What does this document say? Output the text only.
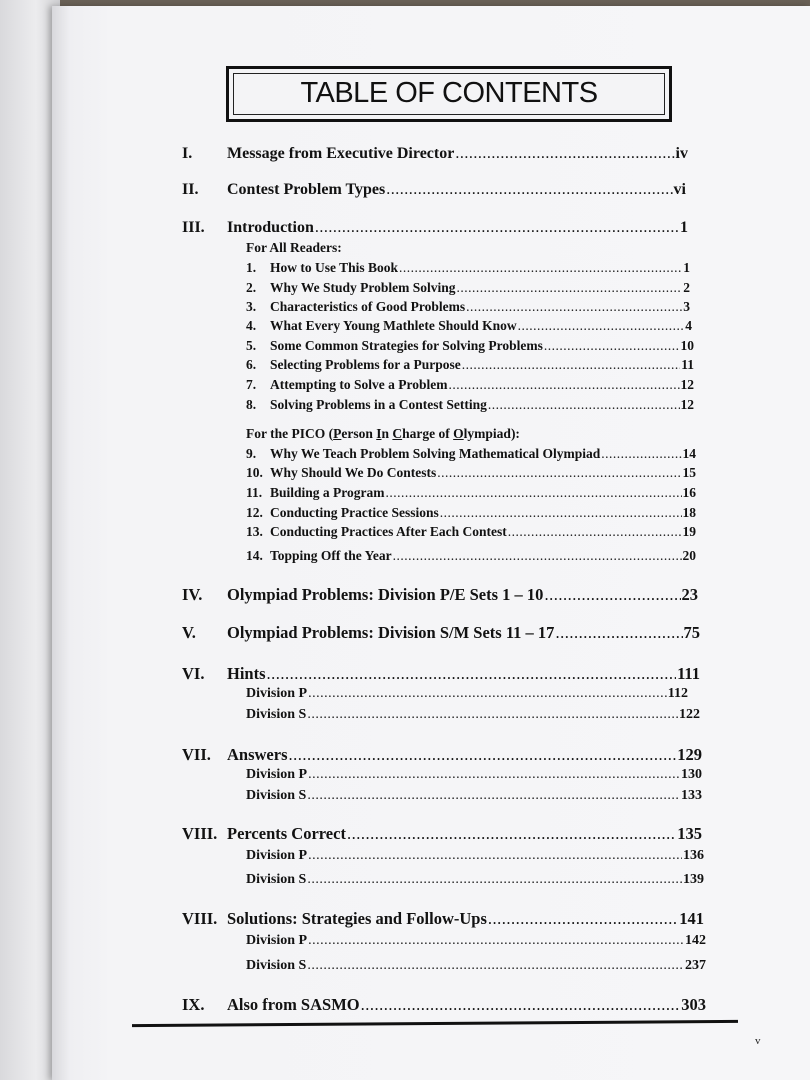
TABLE OF CONTENTS
I.	Message from Executive Director .....	iv
II.	Contest Problem Types .....	vi
III.	Introduction .....	1
For All Readers:
1.	How to Use This Book .....	1
2.	Why We Study Problem Solving .....	2
3.	Characteristics of Good Problems .....	3
4.	What Every Young Mathlete Should Know .....	4
5.	Some Common Strategies for Solving Problems .....	10
6.	Selecting Problems for a Purpose .....	11
7.	Attempting to Solve a Problem .....	12
8.	Solving Problems in a Contest Setting .....	12
For the PICO (Person In Charge of Olympiad):
9.	Why We Teach Problem Solving Mathematical Olympiad .....	14
10. Why Should We Do Contests .....	15
11. Building a Program .....	16
12. Conducting Practice Sessions .....	18
13. Conducting Practices After Each Contest .....	19
14. Topping Off the Year .....	20
IV.	Olympiad Problems: Division P/E Sets 1 – 10 .....	23
V.	Olympiad Problems: Division S/M Sets 11 – 17 .....	75
VI.	Hints .....	111
Division P .....	112
Division S .....	122
VII. Answers .....	129
Division P .....	130
Division S .....	133
VIII. Percents Correct .....	135
Division P .....	136
Division S .....	139
VIII. Solutions: Strategies and Follow-Ups .....	141
Division P .....	142
Division S .....	237
IX.	Also from SASMO .....	303
v
